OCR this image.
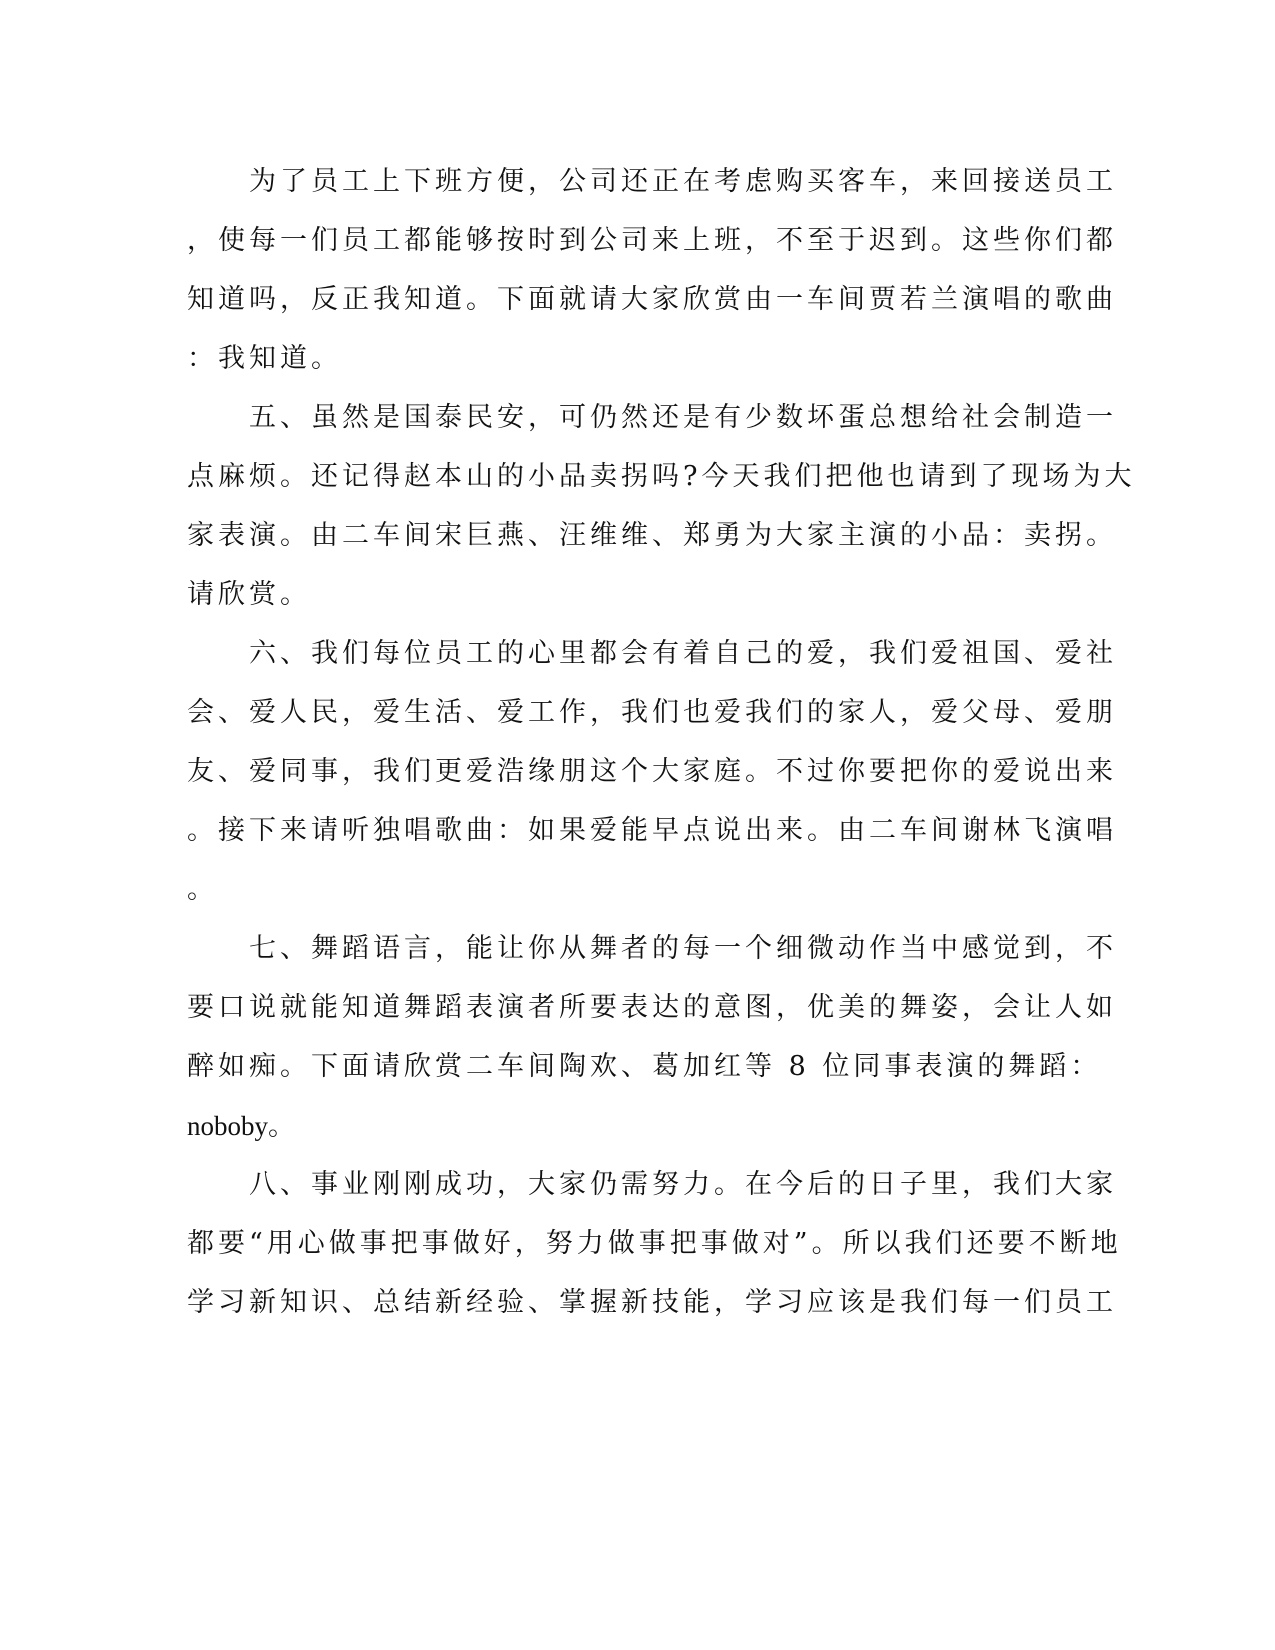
　　为了员工上下班方便，公司还正在考虑购买客车，来回接送员工
，使每一们员工都能够按时到公司来上班，不至于迟到。这些你们都
知道吗，反正我知道。下面就请大家欣赏由一车间贾若兰演唱的歌曲
：我知道。
　　五、虽然是国泰民安，可仍然还是有少数坏蛋总想给社会制造一
点麻烦。还记得赵本山的小品卖拐吗?今天我们把他也请到了现场为大
家表演。由二车间宋巨燕、汪维维、郑勇为大家主演的小品：卖拐。
请欣赏。
　　六、我们每位员工的心里都会有着自己的爱，我们爱祖国、爱社
会、爱人民，爱生活、爱工作，我们也爱我们的家人，爱父母、爱朋
友、爱同事，我们更爱浩缘朋这个大家庭。不过你要把你的爱说出来
。接下来请听独唱歌曲：如果爱能早点说出来。由二车间谢林飞演唱
。
　　七、舞蹈语言，能让你从舞者的每一个细微动作当中感觉到，不
要口说就能知道舞蹈表演者所要表达的意图，优美的舞姿，会让人如
醉如痴。下面请欣赏二车间陶欢、葛加红等 8 位同事表演的舞蹈：
noboby。
　　八、事业刚刚成功，大家仍需努力。在今后的日子里，我们大家
都要“用心做事把事做好，努力做事把事做对”。所以我们还要不断地
学习新知识、总结新经验、掌握新技能，学习应该是我们每一们员工
